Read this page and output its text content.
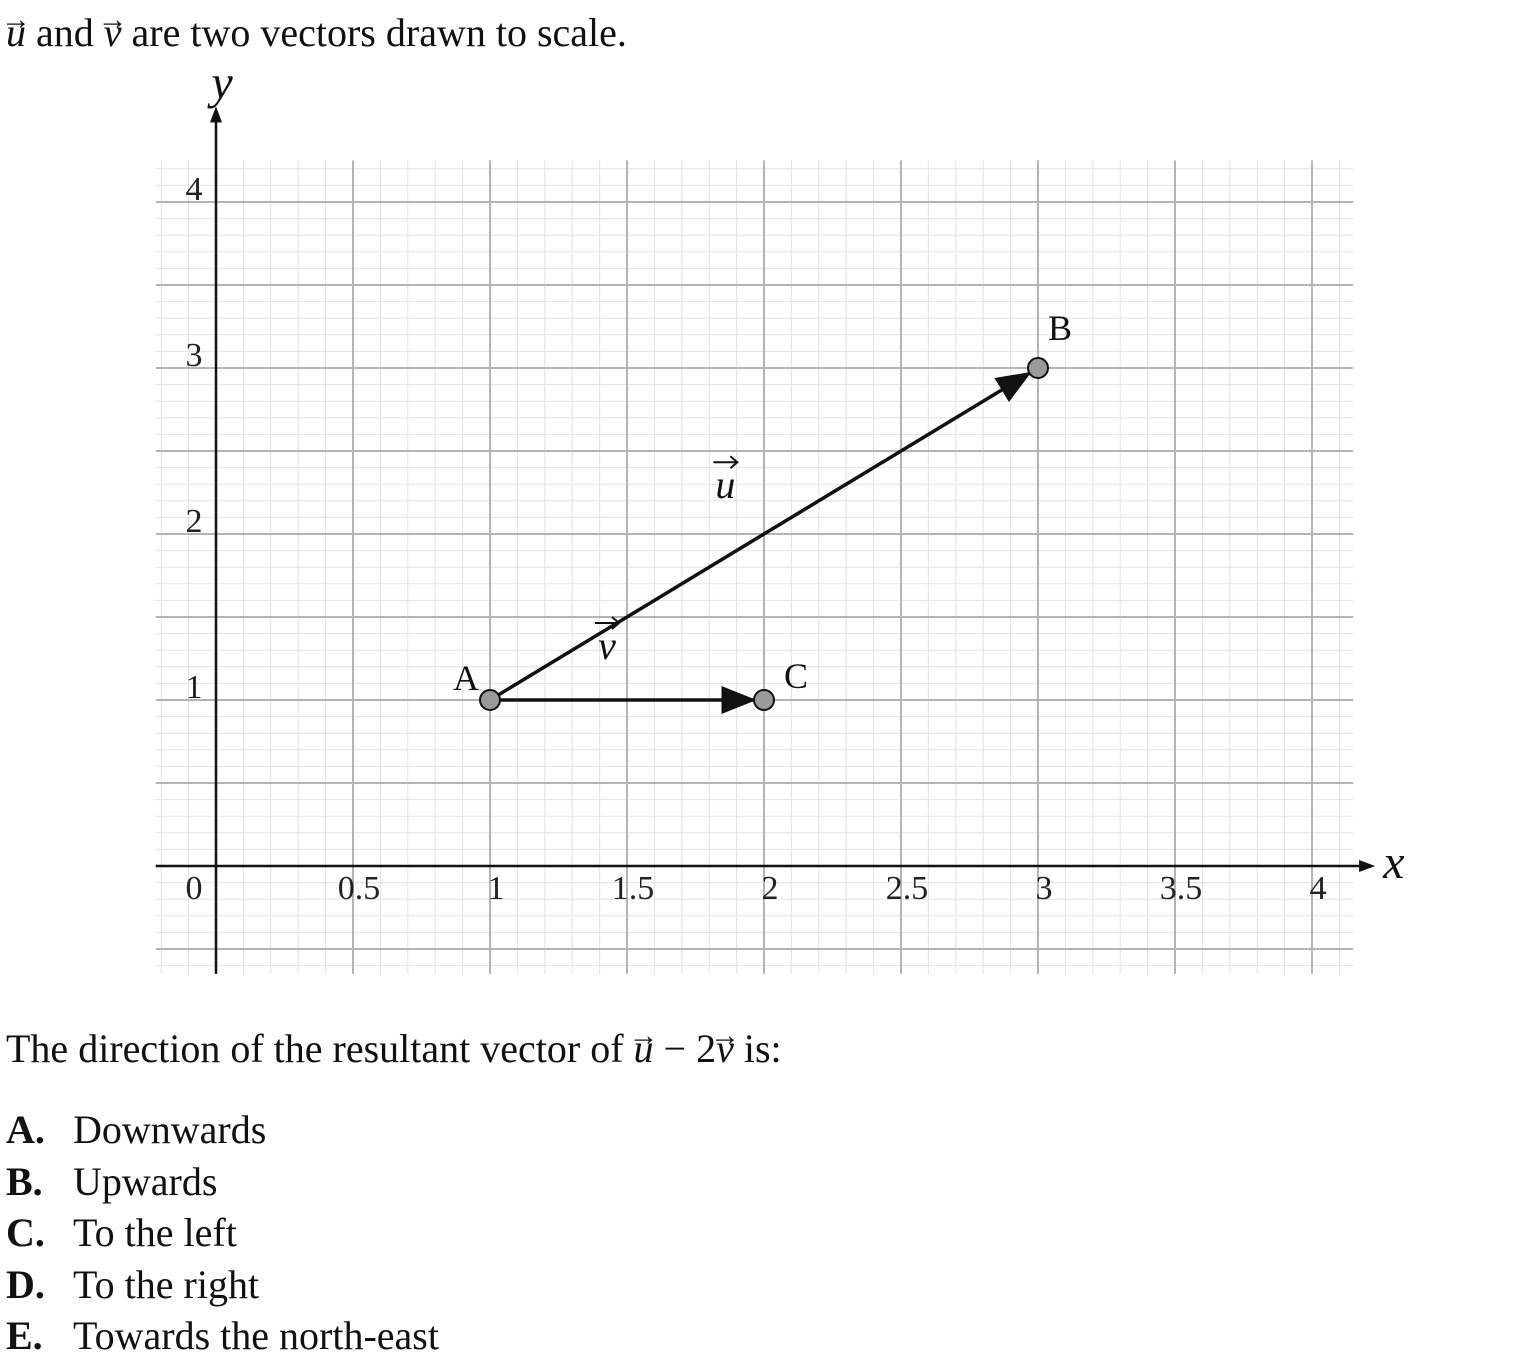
→ u and → v are two vectors drawn to scale.
x
y
0	0.5	1	1.5	2	2.5	3	3.5	4
1
2
3
4
u
v
A
B
C
The direction of the resultant vector of → u − 2→ v is:
A. Downwards
B. Upwards
C. To the left
D. To the right
E. Towards the north-east
